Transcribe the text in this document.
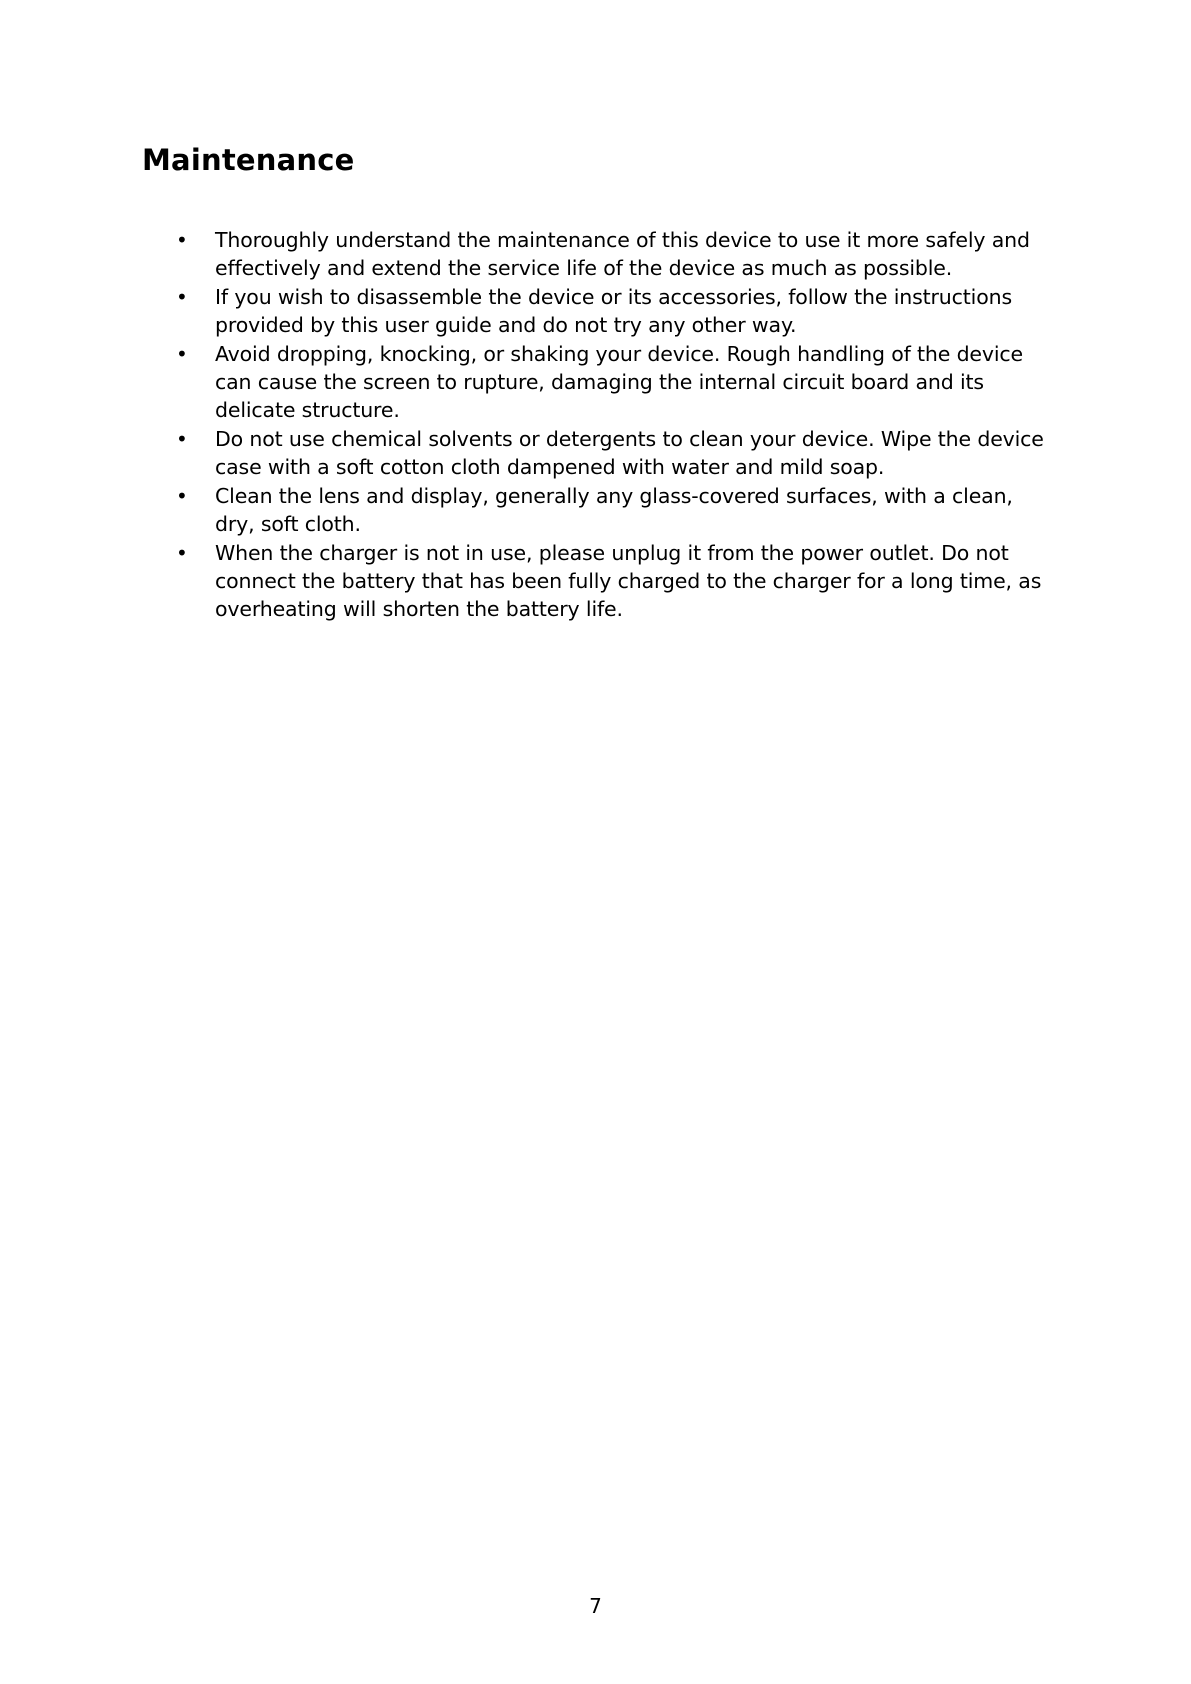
Maintenance
• Thoroughly understand the maintenance of this device to use it more safely and effectively and extend the service life of the device as much as possible.
• If you wish to disassemble the device or its accessories, follow the instructions provided by this user guide and do not try any other way.
• Avoid dropping, knocking, or shaking your device. Rough handling of the device can cause the screen to rupture, damaging the internal circuit board and its delicate structure.
• Do not use chemical solvents or detergents to clean your device. Wipe the device case with a soft cotton cloth dampened with water and mild soap.
• Clean the lens and display, generally any glass-covered surfaces, with a clean, dry, soft cloth.
• When the charger is not in use, please unplug it from the power outlet. Do not connect the battery that has been fully charged to the charger for a long time, as overheating will shorten the battery life.
7
